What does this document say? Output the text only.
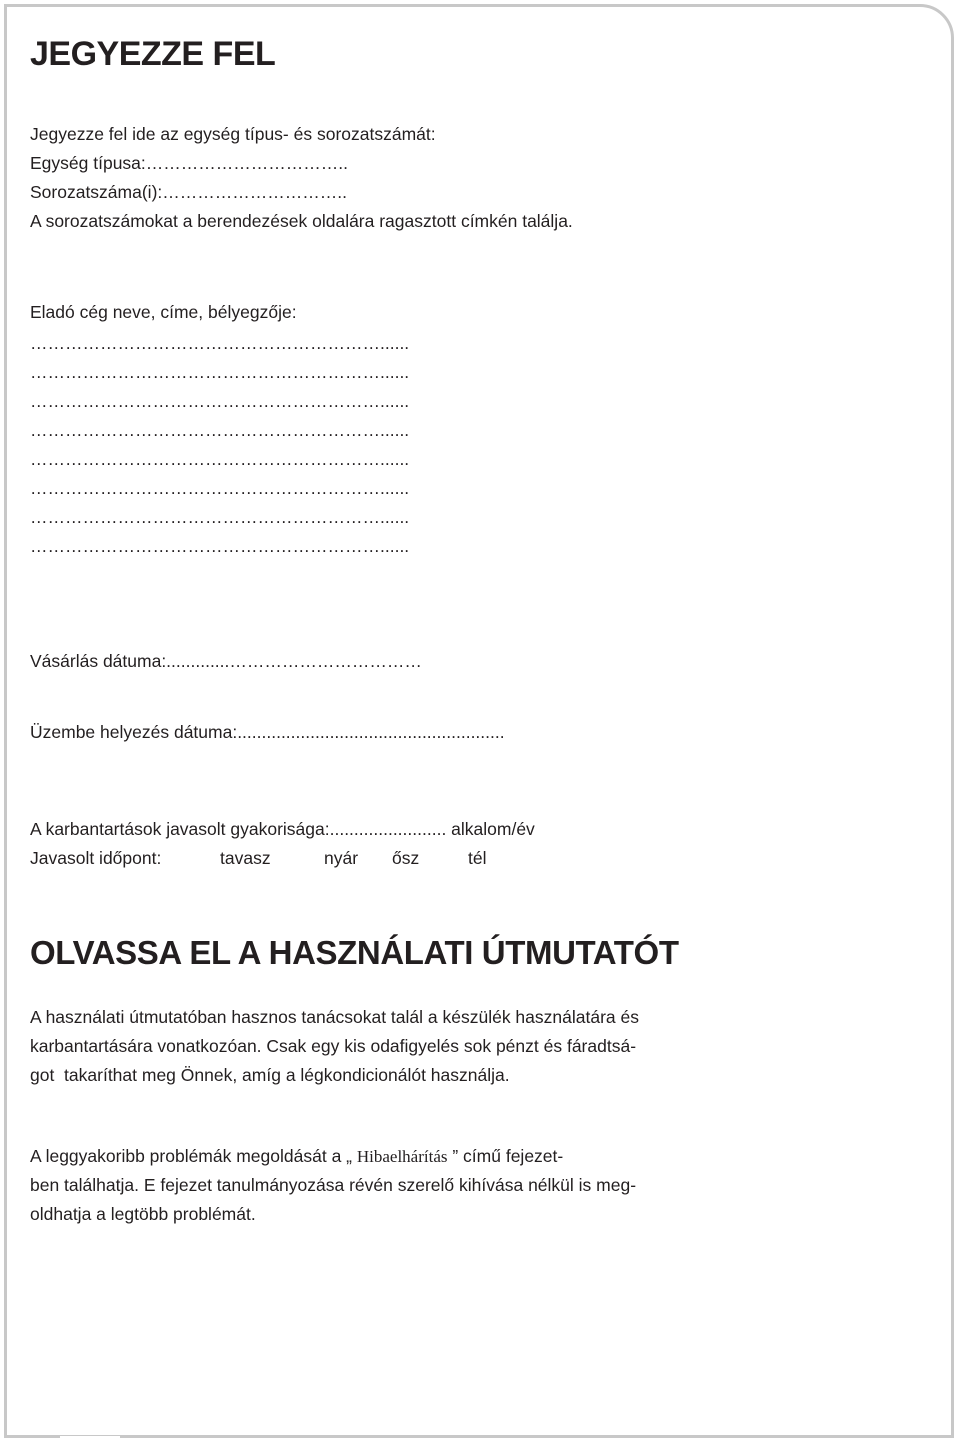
JEGYEZZE FEL

Jegyezze fel ide az egység típus- és sorozatszámát:

Egység típusa:……………………………..

Sorozatszáma(i):…………………………..

A sorozatszámokat a berendezések oldalára ragasztott címkén találja.

Eladó cég neve, címe, bélyegzője:

……………………………………………………......

……………………………………………………......

……………………………………………………......

……………………………………………………......

……………………………………………………......

……………………………………………………......

……………………………………………………......

……………………………………………………......

Vásárlás dátuma:.............……………………………

Üzembe helyezés dátuma:.......................................................

A karbantartások javasolt gyakorisága:........................ alkalom/év

Javasolt időpont:	tavasz	nyár	ősz	tél
OLVASSA EL A HASZNÁLATI ÚTMUTATÓT

A használati útmutatóban hasznos tanácsokat talál a készülék használatára és

karbantartására vonatkozóan. Csak egy kis odafigyelés sok pénzt és fáradtsá-

got  takaríthat meg Önnek, amíg a légkondicionálót használja.

A leggyakoribb problémák megoldását a „ Hibaelhárítás ” című fejezet-

ben találhatja. E fejezet tanulmányozása révén szerelő kihívása nélkül is meg-

oldhatja a legtöbb problémát.
